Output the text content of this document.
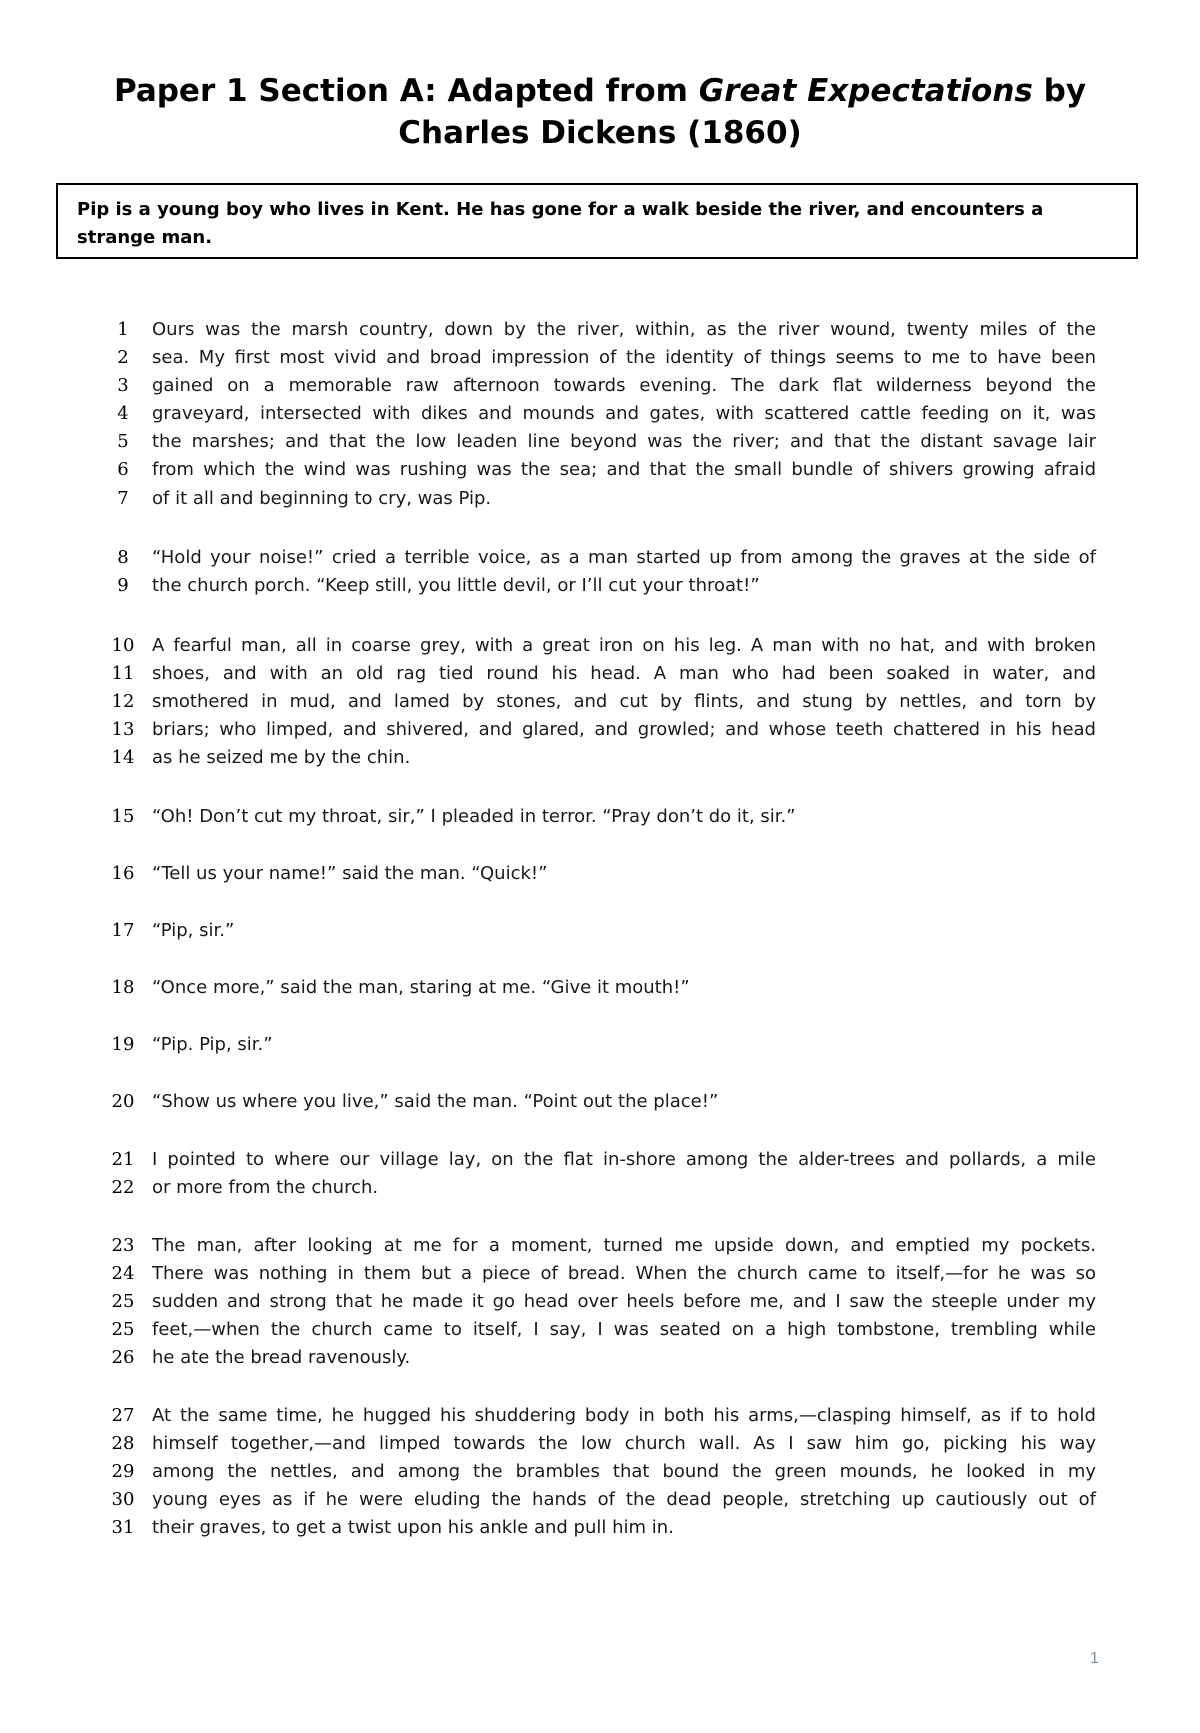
Paper 1 Section A: Adapted from Great Expectations by
Charles Dickens (1860)
Pip is a young boy who lives in Kent. He has gone for a walk beside the river, and encounters a strange man.
1	Ours was the marsh country, down by the river, within, as the river wound, twenty miles of the
2	sea. My first most vivid and broad impression of the identity of things seems to me to have been
3	gained on a memorable raw afternoon towards evening. The dark flat wilderness beyond the
4	graveyard, intersected with dikes and mounds and gates, with scattered cattle feeding on it, was
5	the marshes; and that the low leaden line beyond was the river; and that the distant savage lair
6	from which the wind was rushing was the sea; and that the small bundle of shivers growing afraid
7	of it all and beginning to cry, was Pip.
8	“Hold your noise!” cried a terrible voice, as a man started up from among the graves at the side of
9	the church porch. “Keep still, you little devil, or I’ll cut your throat!”
10 A fearful man, all in coarse grey, with a great iron on his leg. A man with no hat, and with broken
11 shoes, and with an old rag tied round his head. A man who had been soaked in water, and
12 smothered in mud, and lamed by stones, and cut by flints, and stung by nettles, and torn by
13 briars; who limped, and shivered, and glared, and growled; and whose teeth chattered in his head
14 as he seized me by the chin.
15 “Oh! Don’t cut my throat, sir,” I pleaded in terror. “Pray don’t do it, sir.”
16 “Tell us your name!” said the man. “Quick!”
17 “Pip, sir.”
18 “Once more,” said the man, staring at me. “Give it mouth!”
19 “Pip. Pip, sir.”
20 “Show us where you live,” said the man. “Point out the place!”
21 I pointed to where our village lay, on the flat in-shore among the alder-trees and pollards, a mile
22 or more from the church.
23 The man, after looking at me for a moment, turned me upside down, and emptied my pockets.
24 There was nothing in them but a piece of bread. When the church came to itself,—for he was so
25 sudden and strong that he made it go head over heels before me, and I saw the steeple under my
25 feet,—when the church came to itself, I say, I was seated on a high tombstone, trembling while
26 he ate the bread ravenously.
27 At the same time, he hugged his shuddering body in both his arms,—clasping himself, as if to hold
28 himself together,—and limped towards the low church wall. As I saw him go, picking his way
29 among the nettles, and among the brambles that bound the green mounds, he looked in my
30 young eyes as if he were eluding the hands of the dead people, stretching up cautiously out of
31 their graves, to get a twist upon his ankle and pull him in.
1
